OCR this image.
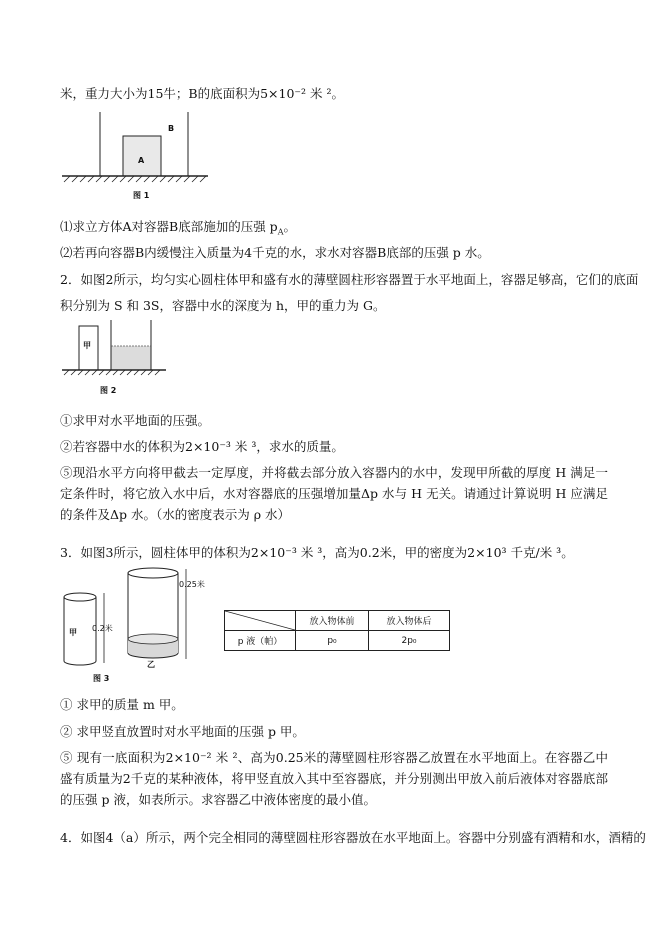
米，重力大小为15牛；B的底面积为5×10⁻² 米 ²。
A
B
图 1
⑴求立方体A对容器B底部施加的压强 $p_A$。
⑵若再向容器B内缓慢注入质量为4千克的水，求水对容器B底部的压强 p 水。
2．如图2所示，均匀实心圆柱体甲和盛有水的薄壁圆柱形容器置于水平地面上，容器足够高，它们的底面
积分别为 S 和 3S，容器中水的深度为 h，甲的重力为 G。
甲
图 2
①求甲对水平地面的压强。
②若容器中水的体积为2×10⁻³ 米 ³，求水的质量。
⑤现沿水平方向将甲截去一定厚度，并将截去部分放入容器内的水中，发现甲所截的厚度 H 满足一定条件时，将它放入水中后，水对容器底的压强增加量Δp 水与 H 无关。请通过计算说明 H 应满足的条件及Δp 水。（水的密度表示为 ρ 水）
3．如图3所示，圆柱体甲的体积为2×10⁻³ 米 ³，高为0.2米，甲的密度为2×10³ 千克/米 ³。
甲
乙
0.2米
0.25米
图 3
	放入物体前	放入物体后
p 液（帕）	p₀	2p₀
① 求甲的质量 m 甲。
② 求甲竖直放置时对水平地面的压强 p 甲。
⑤ 现有一底面积为2×10⁻² 米 ²、高为0.25米的薄壁圆柱形容器乙放置在水平地面上。在容器乙中盛有质量为2千克的某种液体，将甲竖直放入其中至容器底，并分别测出甲放入前后液体对容器底部的压强 p 液，如表所示。求容器乙中液体密度的最小值。
4．如图4（a）所示，两个完全相同的薄壁圆柱形容器放在水平地面上。容器中分别盛有酒精和水，酒精的
